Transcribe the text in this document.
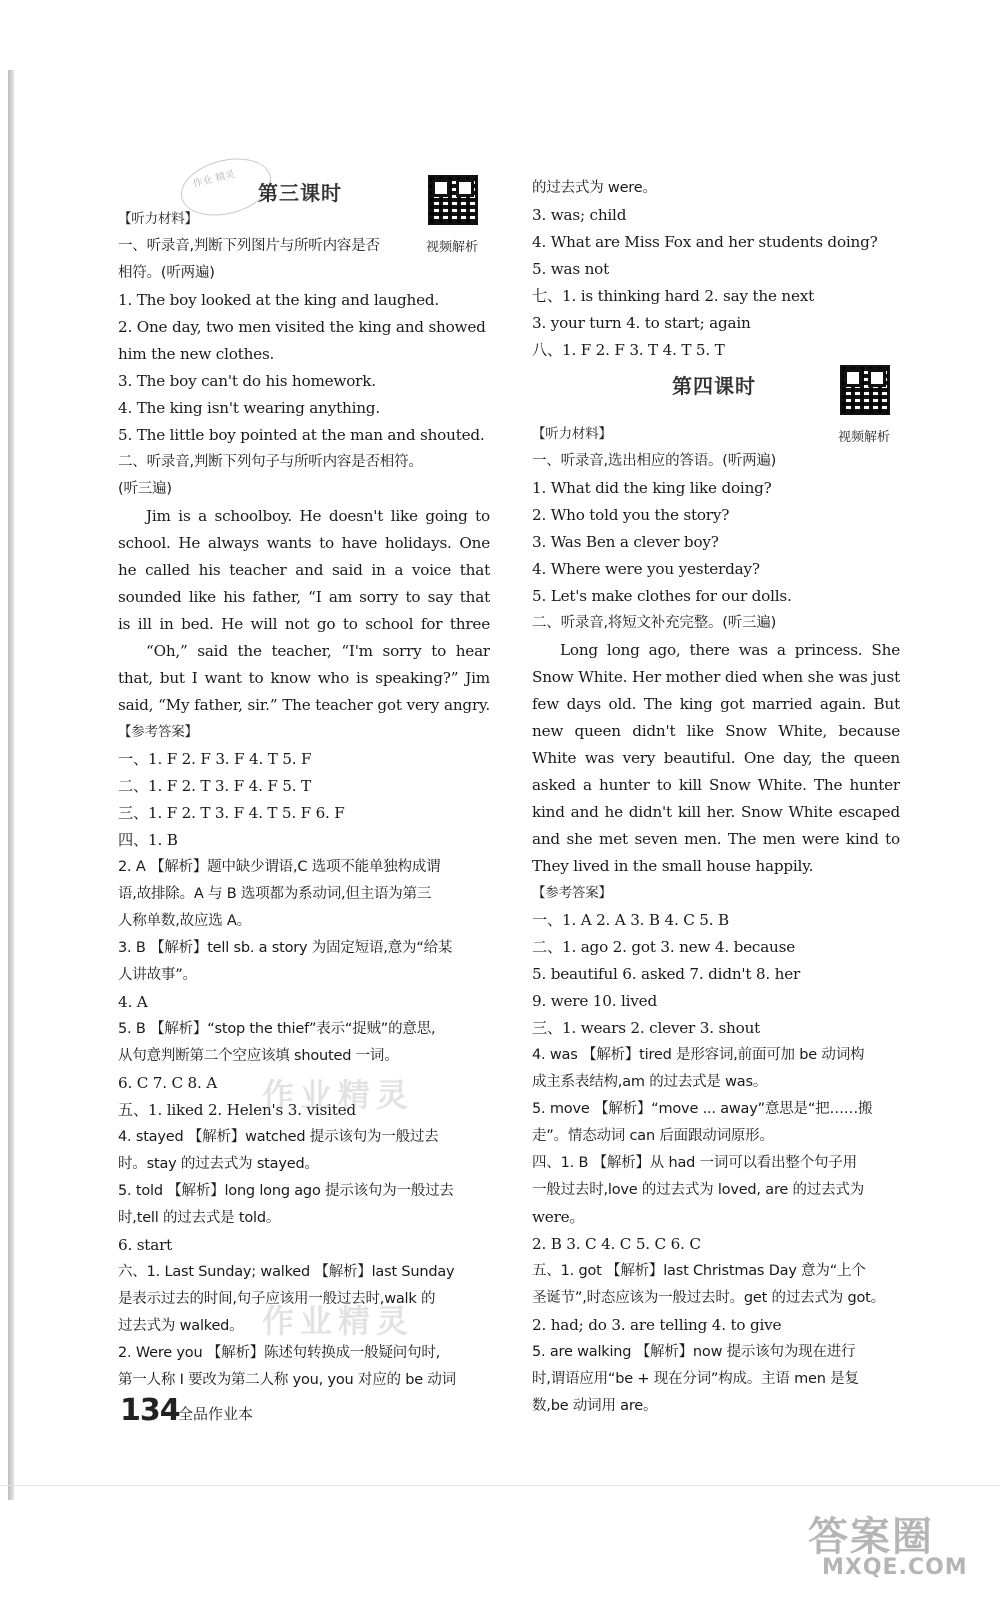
作业 精灵
第三课时
视频解析
【听力材料】
一、听录音,判断下列图片与所听内容是否
相符。(听两遍)
1. The boy looked at the king and laughed.
2. One day, two men visited the king and showed
him the new clothes.
3. The boy can't do his homework.
4. The king isn't wearing anything.
5. The little boy pointed at the man and shouted.
二、听录音,判断下列句子与所听内容是否相符。
(听三遍)
Jim is a schoolboy. He doesn't like going to
school. He always wants to have holidays. One
he called his teacher and said in a voice that
sounded like his father, “I am sorry to say that
is ill in bed. He will not go to school for three
“Oh,” said the teacher, “I'm sorry to hear
that, but I want to know who is speaking?” Jim
said, “My father, sir.” The teacher got very angry.
【参考答案】
一、1. F 2. F 3. F 4. T 5. F
二、1. F 2. T 3. F 4. F 5. T
三、1. F 2. T 3. F 4. T 5. F 6. F
四、1. B
2. A 【解析】题中缺少谓语,C 选项不能单独构成谓
语,故排除。A 与 B 选项都为系动词,但主语为第三
人称单数,故应选 A。
3. B 【解析】tell sb. a story 为固定短语,意为“给某
人讲故事”。
4. A
5. B 【解析】“stop the thief”表示“捉贼”的意思,
从句意判断第二个空应该填 shouted 一词。
6. C 7. C 8. A
五、1. liked 2. Helen's 3. visited
4. stayed 【解析】watched 提示该句为一般过去
时。stay 的过去式为 stayed。
5. told 【解析】long long ago 提示该句为一般过去
时,tell 的过去式是 told。
6. start
六、1. Last Sunday; walked 【解析】last Sunday
是表示过去的时间,句子应该用一般过去时,walk 的
过去式为 walked。
2. Were you 【解析】陈述句转换成一般疑问句时,
第一人称 I 要改为第二人称 you, you 对应的 be 动词
的过去式为 were。
3. was; child
4. What are Miss Fox and her students doing?
5. was not
七、1. is thinking hard 2. say the next
3. your turn 4. to start; again
八、1. F 2. F 3. T 4. T 5. T
【听力材料】
一、听录音,选出相应的答语。(听两遍)
1. What did the king like doing?
2. Who told you the story?
3. Was Ben a clever boy?
4. Where were you yesterday?
5. Let's make clothes for our dolls.
二、听录音,将短文补充完整。(听三遍)
Long long ago, there was a princess. She
Snow White. Her mother died when she was just
few days old. The king got married again. But
new queen didn't like Snow White, because
White was very beautiful. One day, the queen
asked a hunter to kill Snow White. The hunter
kind and he didn't kill her. Snow White escaped
and she met seven men. The men were kind to
They lived in the small house happily.
【参考答案】
一、1. A 2. A 3. B 4. C 5. B
二、1. ago 2. got 3. new 4. because
5. beautiful 6. asked 7. didn't 8. her
9. were 10. lived
三、1. wears 2. clever 3. shout
4. was 【解析】tired 是形容词,前面可加 be 动词构
成主系表结构,am 的过去式是 was。
5. move 【解析】“move ... away”意思是“把……搬
走”。情态动词 can 后面跟动词原形。
四、1. B 【解析】从 had 一词可以看出整个句子用
一般过去时,love 的过去式为 loved, are 的过去式为
were。
2. B 3. C 4. C 5. C 6. C
五、1. got 【解析】last Christmas Day 意为“上个
圣诞节”,时态应该为一般过去时。get 的过去式为 got。
2. had; do 3. are telling 4. to give
5. are walking 【解析】now 提示该句为现在进行
时,谓语应用“be + 现在分词”构成。主语 men 是复
数,be 动词用 are。
第四课时
视频解析
作业精灵
作业精灵
134
全品作业本
答案圈
MXQE.COM
